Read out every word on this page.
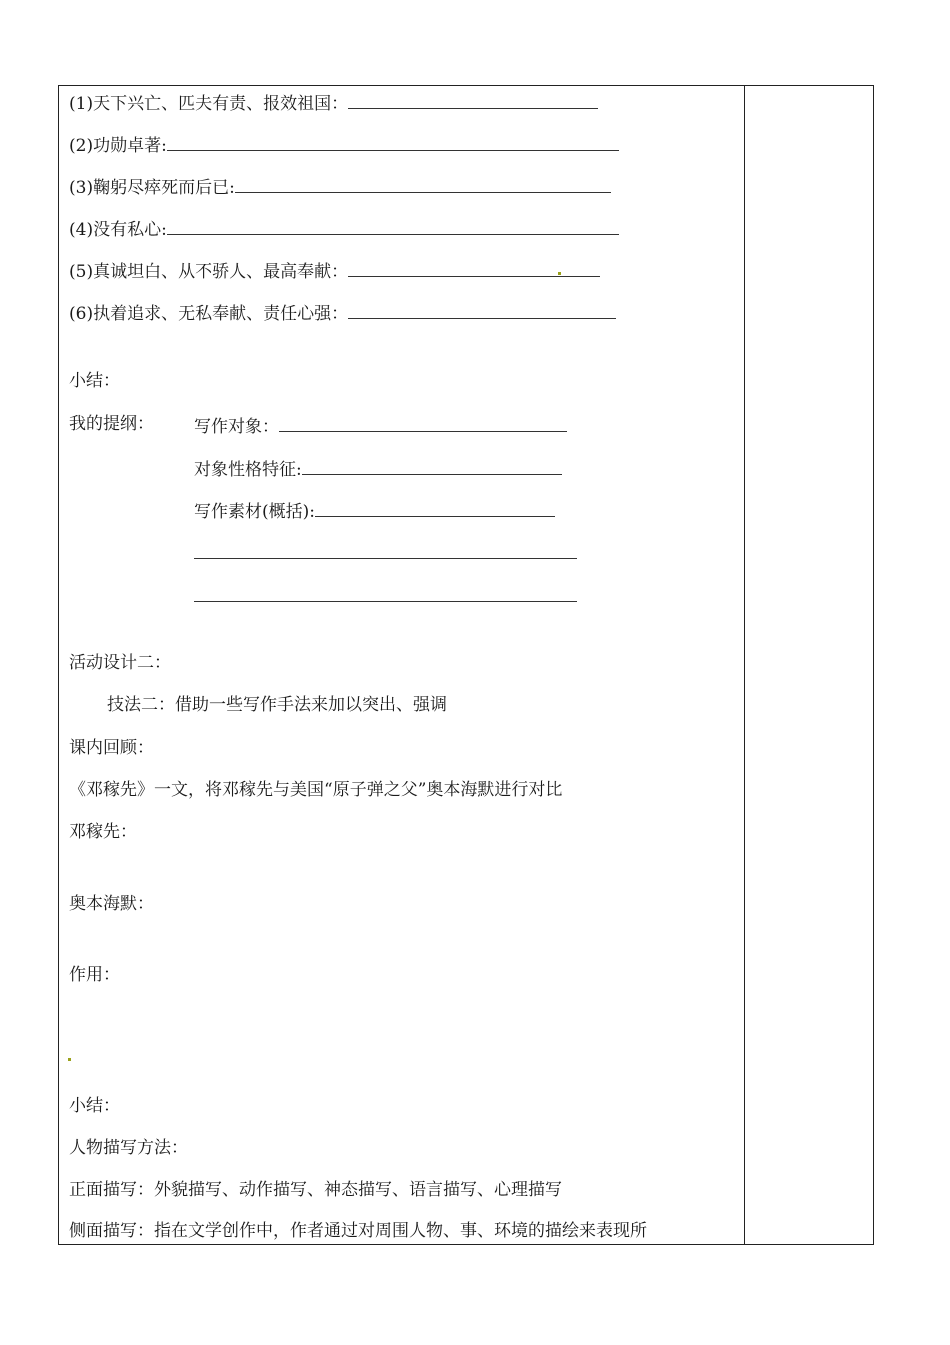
(1)天下兴亡、匹夫有责、报效祖国：
(2)功勋卓著:
(3)鞠躬尽瘁死而后已:
(4)没有私心:
(5)真诚坦白、从不骄人、最高奉献：
(6)执着追求、无私奉献、责任心强：
小结：
我的提纲： 写作对象：
对象性格特征:
写作素材(概括):
活动设计二：
技法二：借助一些写作手法来加以突出、强调
课内回顾：
《邓稼先》一文，将邓稼先与美国“原子弹之父”奥本海默进行对比
邓稼先：
奥本海默：
作用：
小结：
人物描写方法：
正面描写：外貌描写、动作描写、神态描写、语言描写、心理描写
侧面描写：指在文学创作中，作者通过对周围人物、事、环境的描绘来表现所
